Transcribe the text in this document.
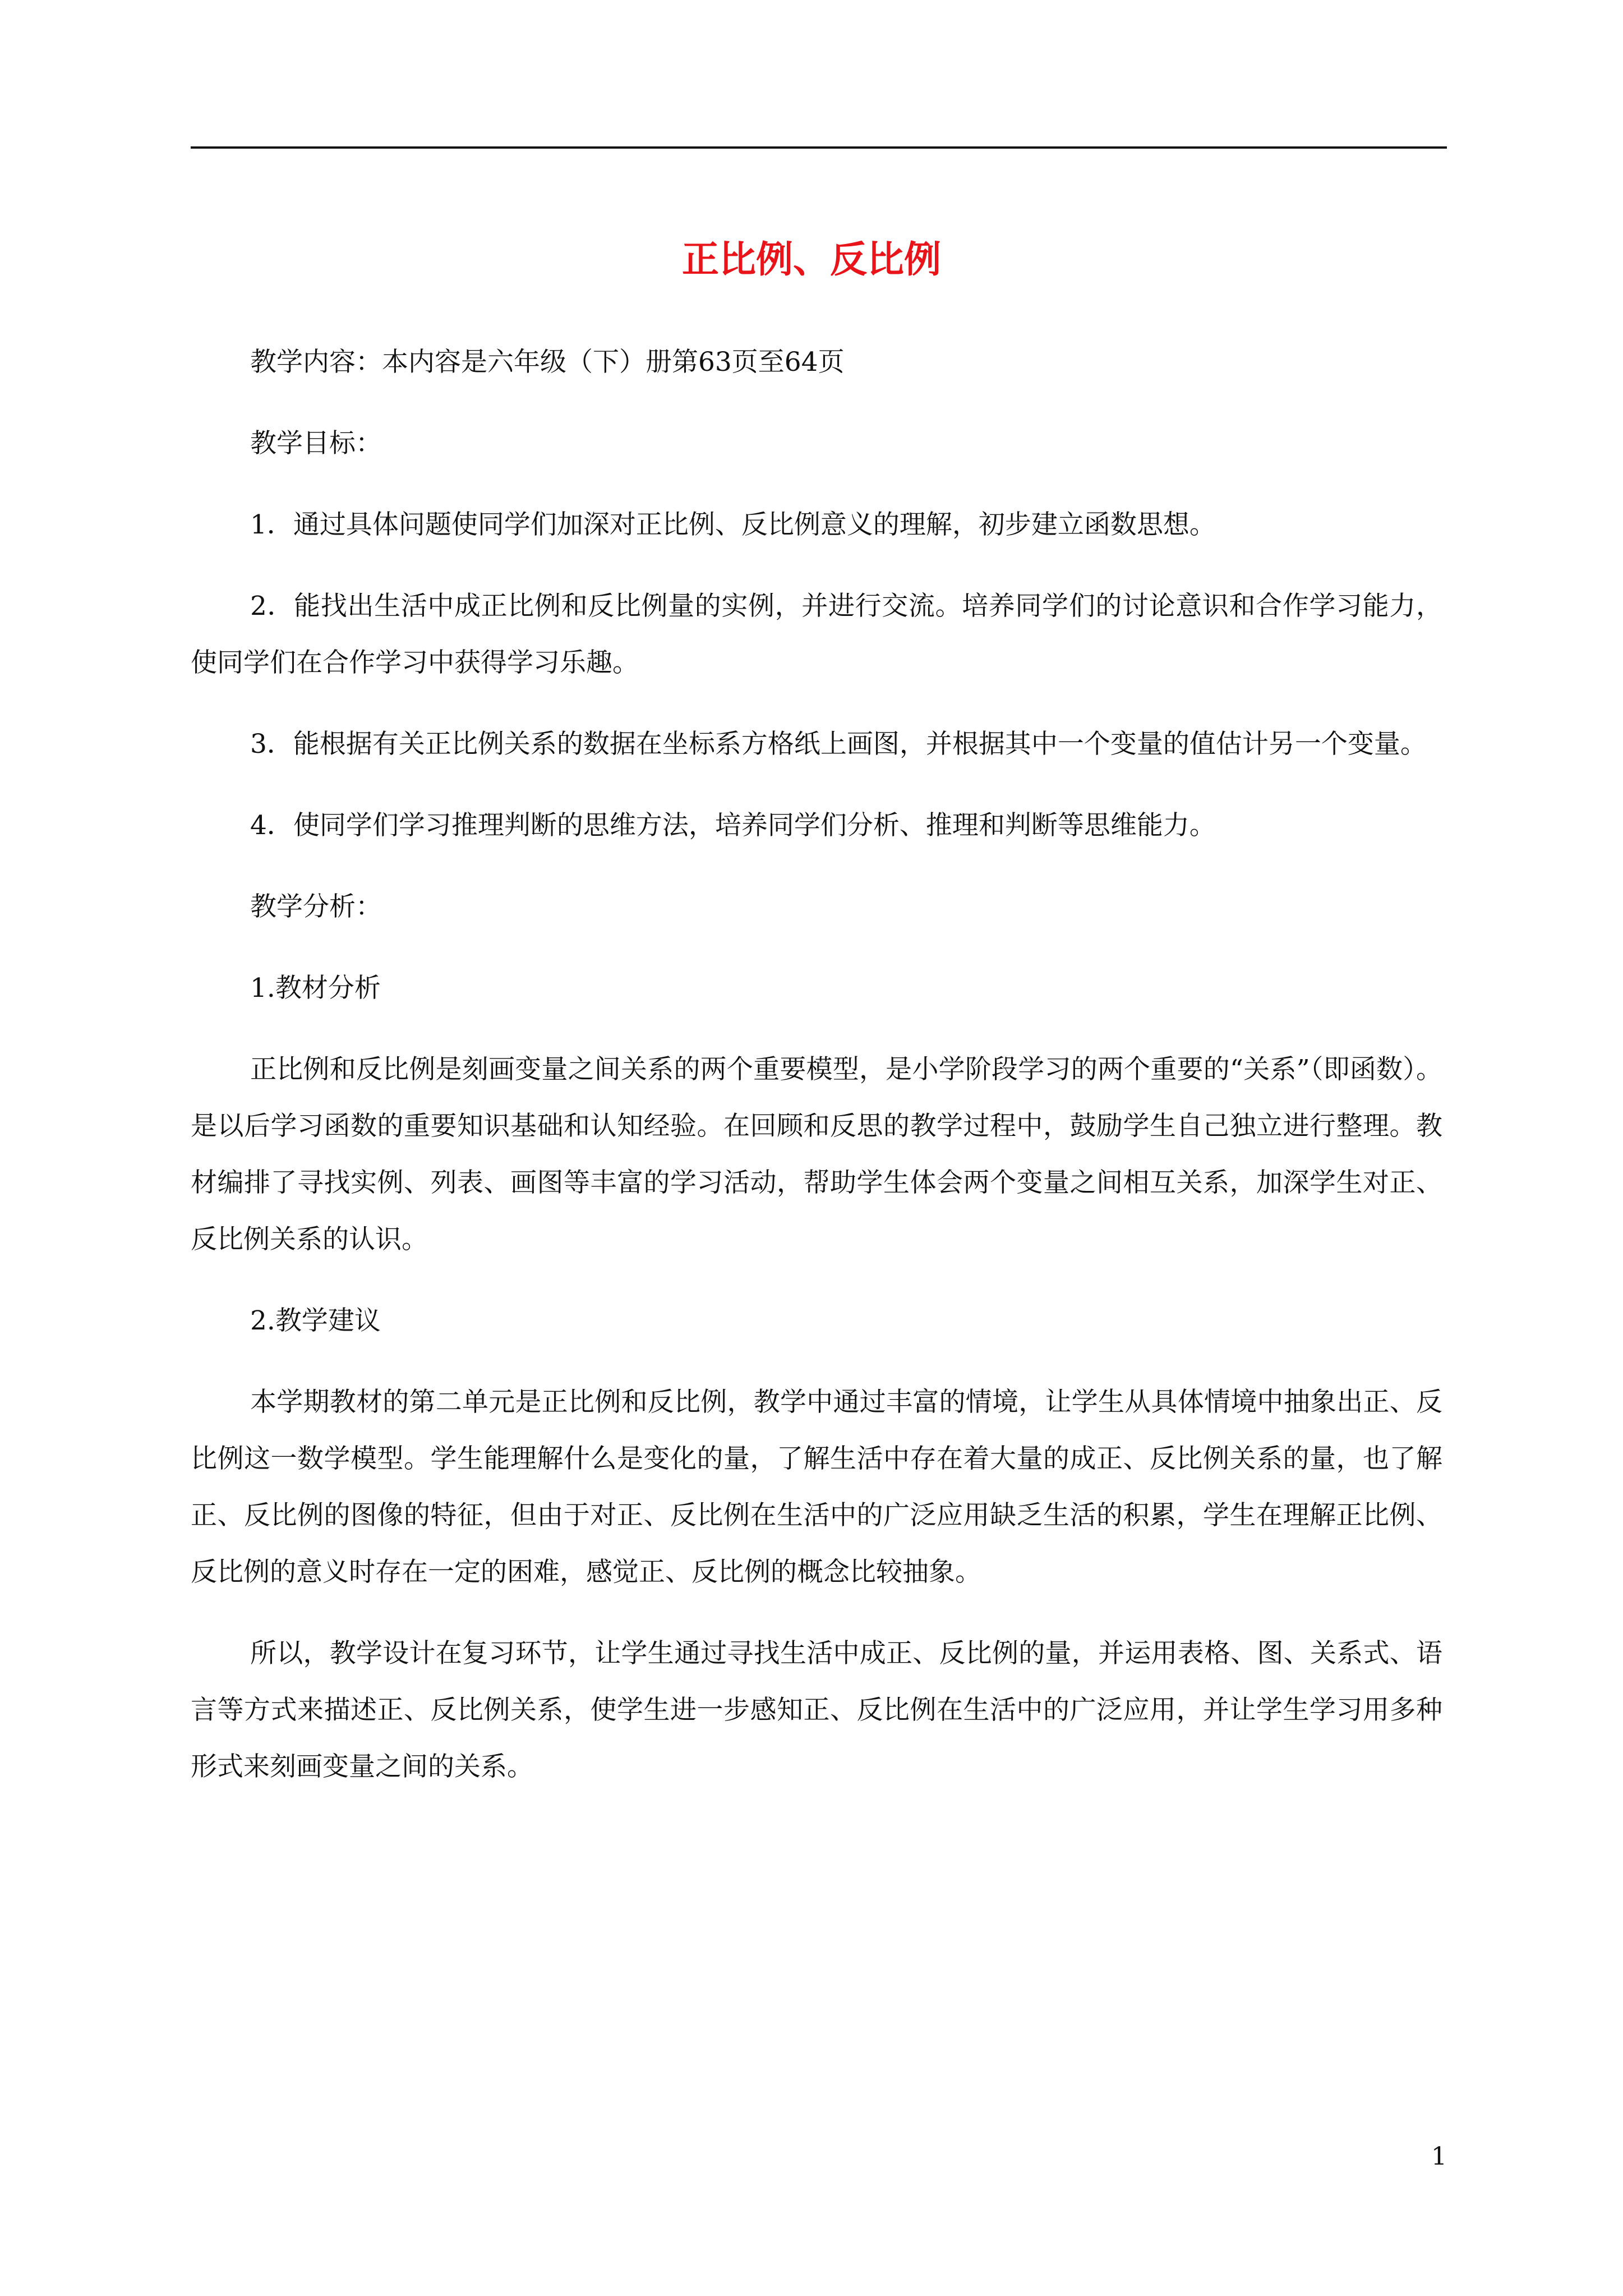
正比例、反比例

教学内容：本内容是六年级（下）册第63页至64页

教学目标：

1．通过具体问题使同学们加深对正比例、反比例意义的理解，初步建立函数思想。

2．能找出生活中成正比例和反比例量的实例，并进行交流。培养同学们的讨论意识和合作学习能力，使同学们在合作学习中获得学习乐趣。

3．能根据有关正比例关系的数据在坐标系方格纸上画图，并根据其中一个变量的值估计另一个变量。

4．使同学们学习推理判断的思维方法，培养同学们分析、推理和判断等思维能力。

教学分析：

1.教材分析

正比例和反比例是刻画变量之间关系的两个重要模型，是小学阶段学习的两个重要的“关系”（即函数）。是以后学习函数的重要知识基础和认知经验。在回顾和反思的教学过程中，鼓励学生自己独立进行整理。教材编排了寻找实例、列表、画图等丰富的学习活动，帮助学生体会两个变量之间相互关系，加深学生对正、反比例关系的认识。

2.教学建议

本学期教材的第二单元是正比例和反比例，教学中通过丰富的情境，让学生从具体情境中抽象出正、反比例这一数学模型。学生能理解什么是变化的量，了解生活中存在着大量的成正、反比例关系的量，也了解正、反比例的图像的特征，但由于对正、反比例在生活中的广泛应用缺乏生活的积累，学生在理解正比例、反比例的意义时存在一定的困难，感觉正、反比例的概念比较抽象。

所以，教学设计在复习环节，让学生通过寻找生活中成正、反比例的量，并运用表格、图、关系式、语言等方式来描述正、反比例关系，使学生进一步感知正、反比例在生活中的广泛应用，并让学生学习用多种形式来刻画变量之间的关系。

1
